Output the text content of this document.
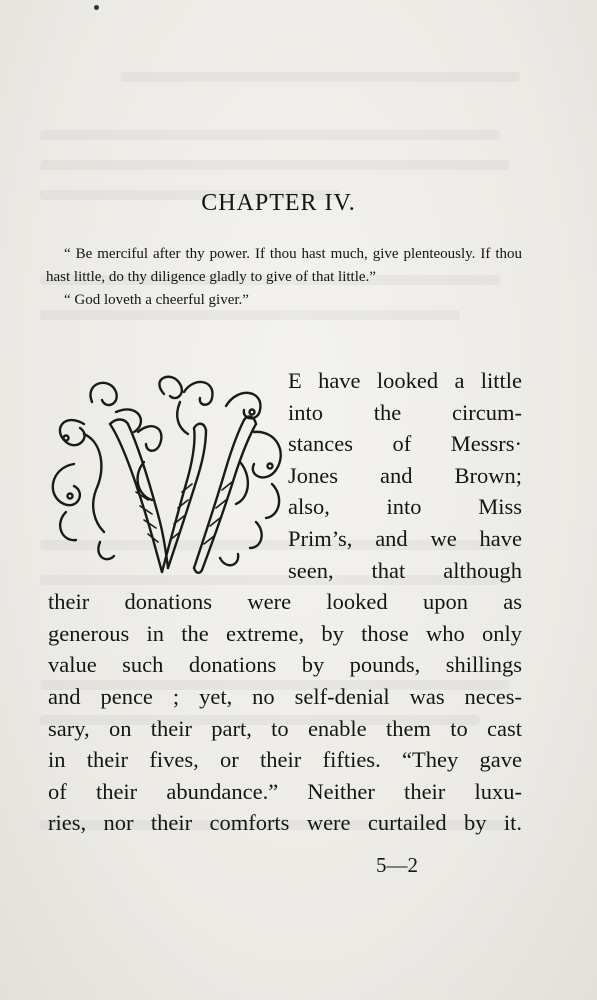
CHAPTER IV.

“ Be merciful after thy power. If thou hast much, give plenteously. If thou hast little, do thy diligence gladly to give of that little.”

“ God loveth a cheerful giver.”

E have looked a little
into the circum-
stances of Messrs·
Jones and Brown;
also, into Miss
Prim’s, and we have
seen, that although
their donations were looked upon as
generous in the extreme, by those who only
value such donations by pounds, shillings
and pence ; yet, no self-denial was neces-
sary, on their part, to enable them to cast
in their fives, or their fifties. “They gave
of their abundance.” Neither their luxu-
ries, nor their comforts were curtailed by it.

5—2
